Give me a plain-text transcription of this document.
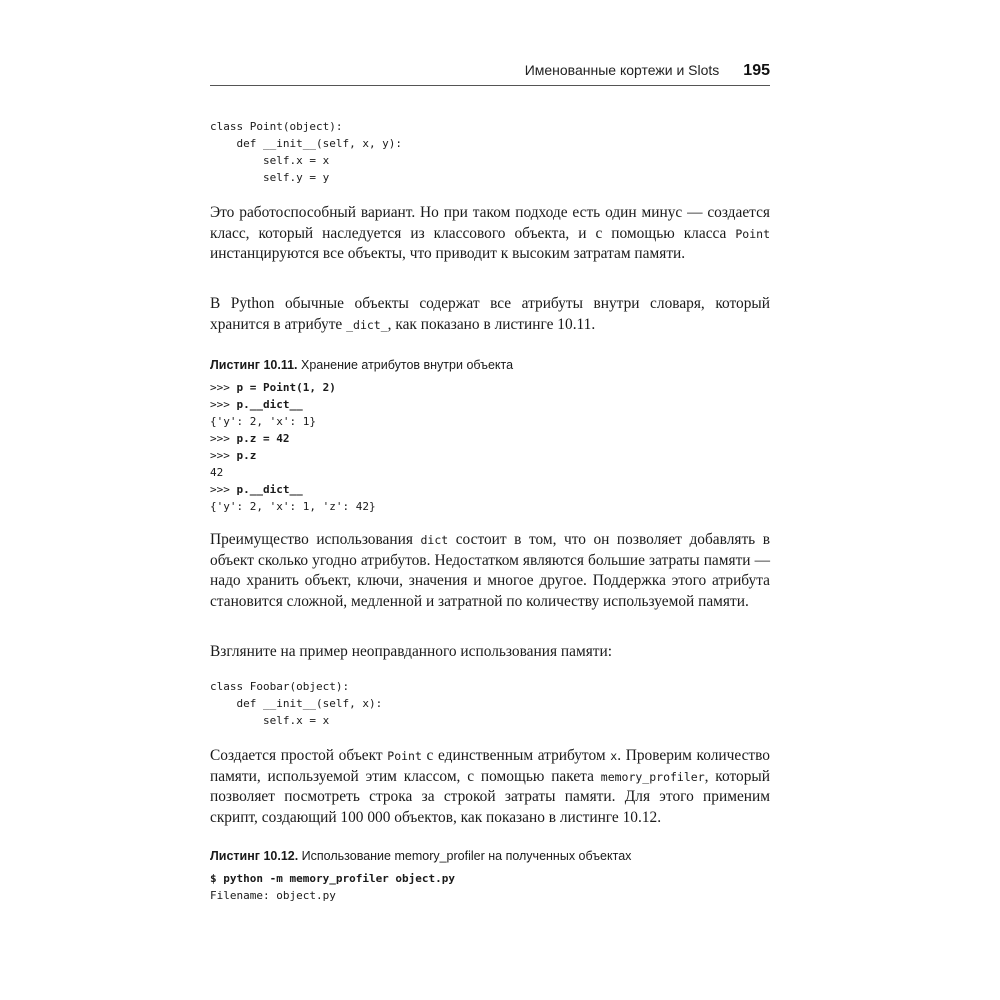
Именованные кортежи и Slots 195
class Point(object):
def __init__(self, x, y):
self.x = x
self.y = y

Это работоспособный вариант. Но при таком подходе есть один минус — создается класс, который наследуется из классового объекта, и с помощью класса Point инстанцируются все объекты, что приводит к высоким затратам памяти.

В Python обычные объекты содержат все атрибуты внутри словаря, который хранится в атрибуте _dict_, как показано в листинге 10.11.

Листинг 10.11. Хранение атрибутов внутри объекта
>>> p = Point(1, 2)
>>> p.__dict__
{'y': 2, 'x': 1}
>>> p.z = 42
>>> p.z
42
>>> p.__dict__
{'y': 2, 'x': 1, 'z': 42}

Преимущество использования dict состоит в том, что он позволяет добавлять в объект сколько угодно атрибутов. Недостатком являются большие затраты памяти — надо хранить объект, ключи, значения и многое другое. Поддержка этого атрибута становится сложной, медленной и затратной по количеству используемой памяти.

Взгляните на пример неоправданного использования памяти:

class Foobar(object):
def __init__(self, x):
self.x = x

Создается простой объект Point с единственным атрибутом x. Проверим количество памяти, используемой этим классом, с помощью пакета memory_profiler, который позволяет посмотреть строка за строкой затраты памяти. Для этого применим скрипт, создающий 100 000 объектов, как показано в листинге 10.12.

Листинг 10.12. Использование memory_profiler на полученных объектах
$ python -m memory_profiler object.py
Filename: object.py
